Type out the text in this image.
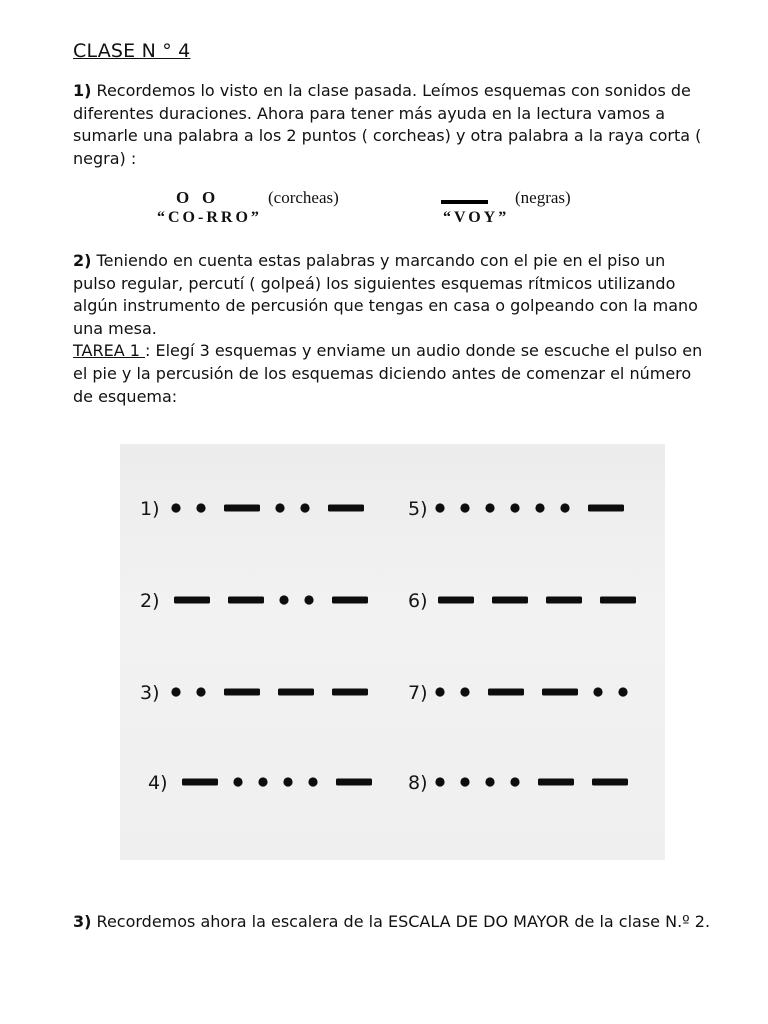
CLASE N ° 4
1) Recordemos lo visto en la clase pasada. Leímos esquemas con sonidos de diferentes duraciones. Ahora para tener más ayuda en la lectura vamos a sumarle una palabra a los 2 puntos ( corcheas) y otra palabra a la raya corta ( negra) :
O   O	(corcheas)
“CO-RRO”
(negras)
“VOY”
2) Teniendo en cuenta estas palabras y marcando con el pie en el piso un pulso regular, percutí ( golpeá) los siguientes esquemas rítmicos utilizando algún instrumento de percusión que tengas en casa o golpeando con la mano una mesa.
TAREA 1 : Elegí 3 esquemas y enviame un audio donde se escuche el pulso en el pie y la percusión de los esquemas diciendo antes de comenzar el número de esquema:
1)
2)
3)
4)
5)
6)
7)
8)
3) Recordemos ahora la escalera de la ESCALA DE DO MAYOR de la clase N.º 2.
